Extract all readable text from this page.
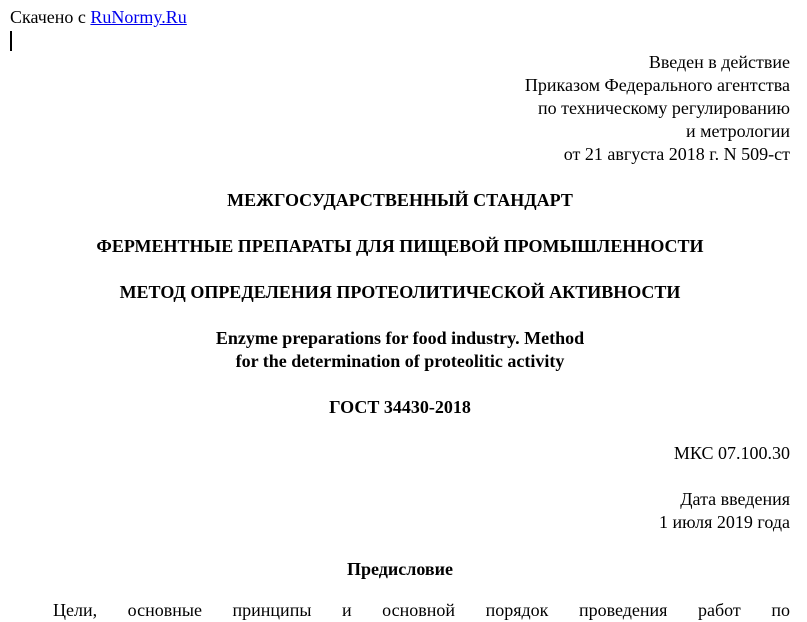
Скачено с RuNormy.Ru
Введен в действие
Приказом Федерального агентства
по техническому регулированию
и метрологии
от 21 августа 2018 г. N 509-ст
МЕЖГОСУДАРСТВЕННЫЙ СТАНДАРТ
ФЕРМЕНТНЫЕ ПРЕПАРАТЫ ДЛЯ ПИЩЕВОЙ ПРОМЫШЛЕННОСТИ
МЕТОД ОПРЕДЕЛЕНИЯ ПРОТЕОЛИТИЧЕСКОЙ АКТИВНОСТИ
Enzyme preparations for food industry. Method
for the determination of proteolitic activity
ГОСТ 34430-2018
МКС 07.100.30
Дата введения
1 июля 2019 года
Предисловие
Цели, основные принципы и основной порядок проведения работ по
